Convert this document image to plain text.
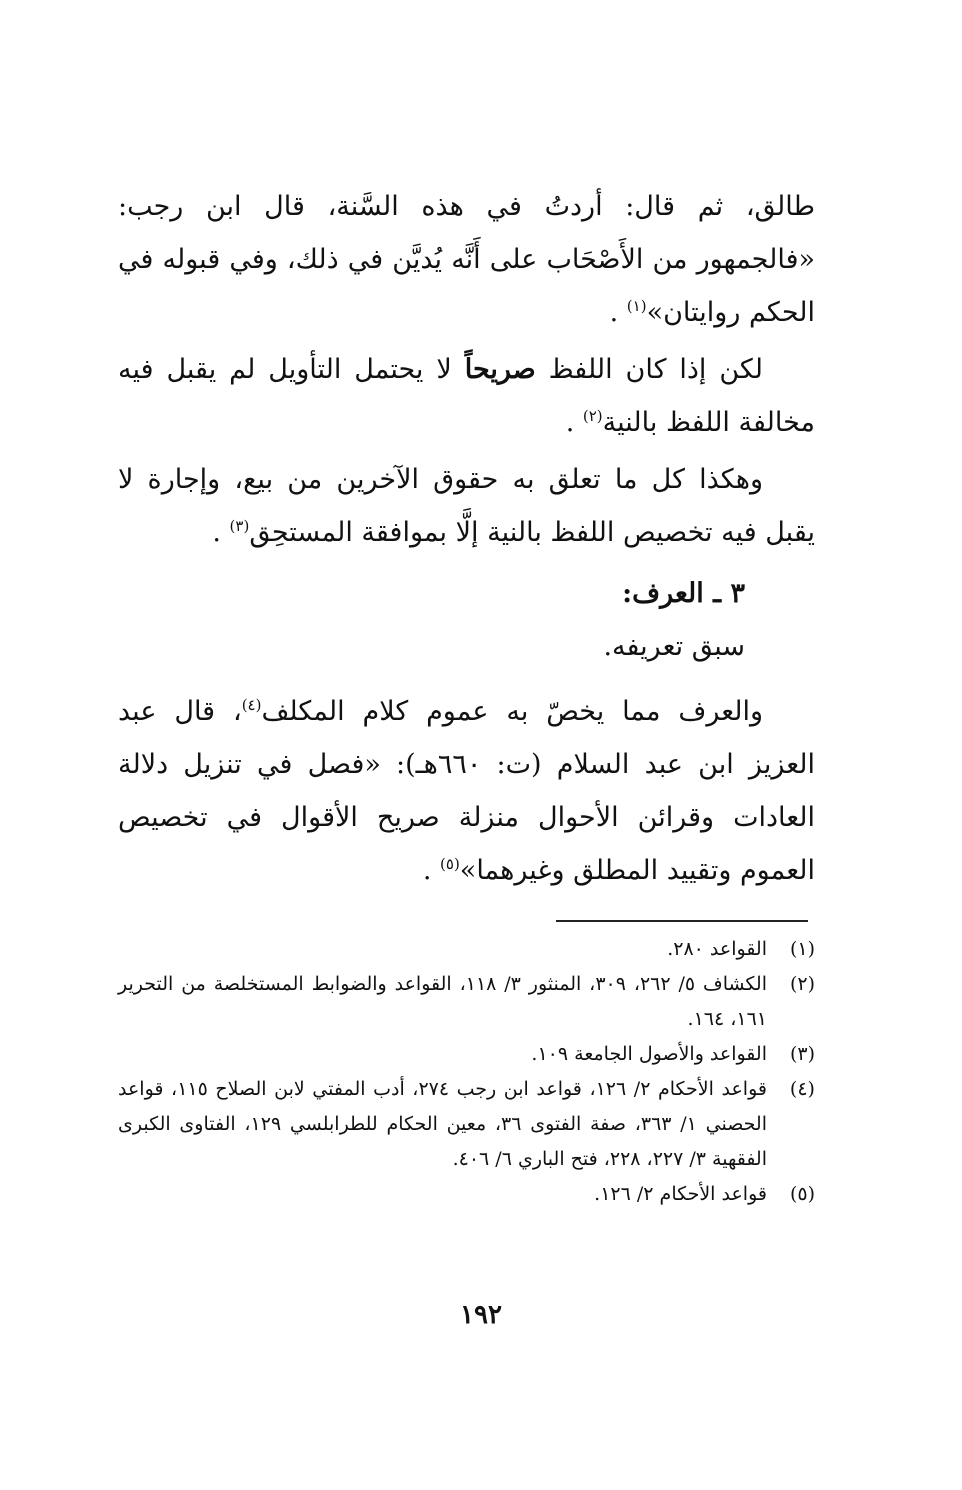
طالق، ثم قال: أردتُ في هذه السَّنة، قال ابن رجب: «فالجمهور من الأَصْحَاب على أَنَّه يُديَّن في ذلك، وفي قبوله في الحكم روايتان»$^{(١)}$ .

لكن إذا كان اللفظ صريحاً لا يحتمل التأويل لم يقبل فيه مخالفة اللفظ بالنية$^{(٢)}$ .

وهكذا كل ما تعلق به حقوق الآخرين من بيع، وإجارة لا يقبل فيه تخصيص اللفظ بالنية إلَّا بموافقة المستحِق$^{(٣)}$ .

٣ ـ العرف:

سبق تعريفه.

والعرف مما يخصّ به عموم كلام المكلف$^{(٤)}$، قال عبد العزيز ابن عبد السلام (ت: ٦٦٠هـ): «فصل في تنزيل دلالة العادات وقرائن الأحوال منزلة صريح الأقوال في تخصيص العموم وتقييد المطلق وغيرهما»$^{(٥)}$ .

(١)القواعد ٢٨٠.

(٢)الكشاف ٥/ ٢٦٢، ٣٠٩، المنثور ٣/ ١١٨، القواعد والضوابط المستخلصة من التحرير ١٦١، ١٦٤.

(٣)القواعد والأصول الجامعة ١٠٩.

(٤)قواعد الأحكام ٢/ ١٢٦، قواعد ابن رجب ٢٧٤، أدب المفتي لابن الصلاح ١١٥، قواعد الحصني ١/ ٣٦٣، صفة الفتوى ٣٦، معين الحكام للطرابلسي ١٢٩، الفتاوى الكبرى الفقهية ٣/ ٢٢٧، ٢٢٨، فتح الباري ٦/ ٤٠٦.

(٥)قواعد الأحكام ٢/ ١٢٦.

١٩٢
